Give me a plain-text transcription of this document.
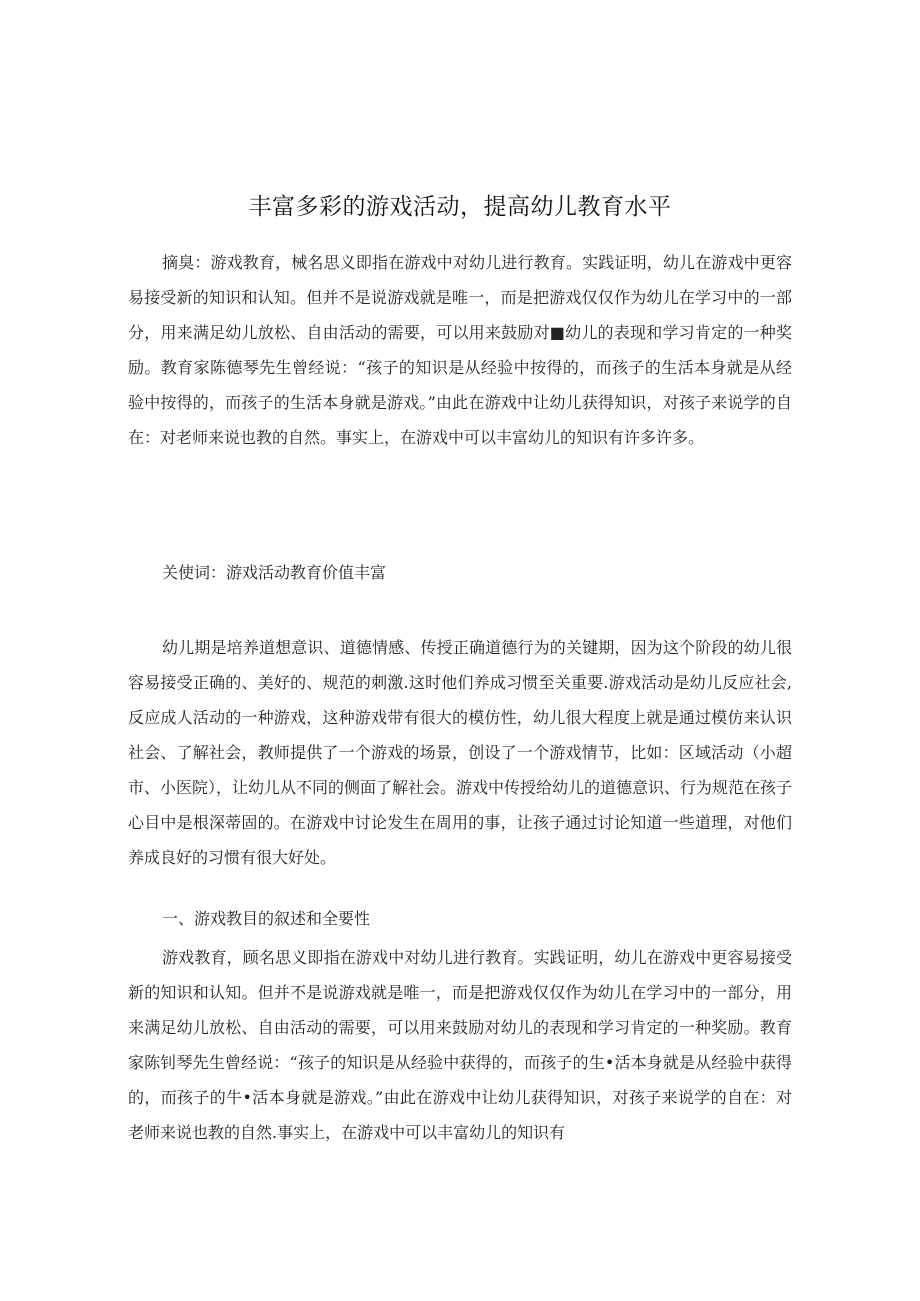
丰富多彩的游戏活动，提高幼儿教育水平

摘臭：游戏教育，械名思义即指在游戏中对幼儿进行教育。实践证明，幼儿在游戏中更容易接受新的知识和认知。但并不是说游戏就是唯一，而是把游戏仅仅作为幼儿在学习中的一部分，用来满足幼儿放松、自由活动的需要，可以用来鼓励对■幼儿的表现和学习肯定的一种奖励。教育家陈德琴先生曾经说：“孩子的知识是从经验中按得的，而孩子的生活本身就是从经验中按得的，而孩子的生活本身就是游戏。”由此在游戏中让幼儿获得知识，对孩子来说学的自在：对老师来说也教的自然。事实上，在游戏中可以丰富幼儿的知识有许多许多。

关使词：游戏活动教育价值丰富

幼儿期是培养道想意识、道德情感、传授正确道德行为的关键期，因为这个阶段的幼儿很容易接受正确的、美好的、规范的刺激.这时他们养成习惯至关重要.游戏活动是幼儿反应社会,反应成人活动的一种游戏，这种游戏带有很大的模仿性，幼儿很大程度上就是通过模仿来认识社会、了解社会，教师提供了一个游戏的场景，创设了一个游戏情节，比如：区域活动（小超市、小医院），让幼儿从不同的侧面了解社会。游戏中传授给幼儿的道德意识、行为规范在孩子心目中是根深蒂固的。在游戏中讨论发生在周用的事，让孩子通过讨论知道一些道理，对他们养成良好的习惯有很大好处。

一、游戏教目的叙述和全要性

游戏教育，顾名思义即指在游戏中对幼儿进行教育。实践证明，幼儿在游戏中更容易接受新的知识和认知。但并不是说游戏就是唯一，而是把游戏仅仅作为幼儿在学习中的一部分，用来满足幼儿放松、自由活动的需要，可以用来鼓励对幼儿的表现和学习肯定的一种奖励。教育家陈钊琴先生曾经说：“孩子的知识是从经验中获得的，而孩子的生•活本身就是从经验中获得的，而孩子的牛•活本身就是游戏。”由此在游戏中让幼儿获得知识，对孩子来说学的自在：对老师来说也教的自然.事实上，在游戏中可以丰富幼儿的知识有
